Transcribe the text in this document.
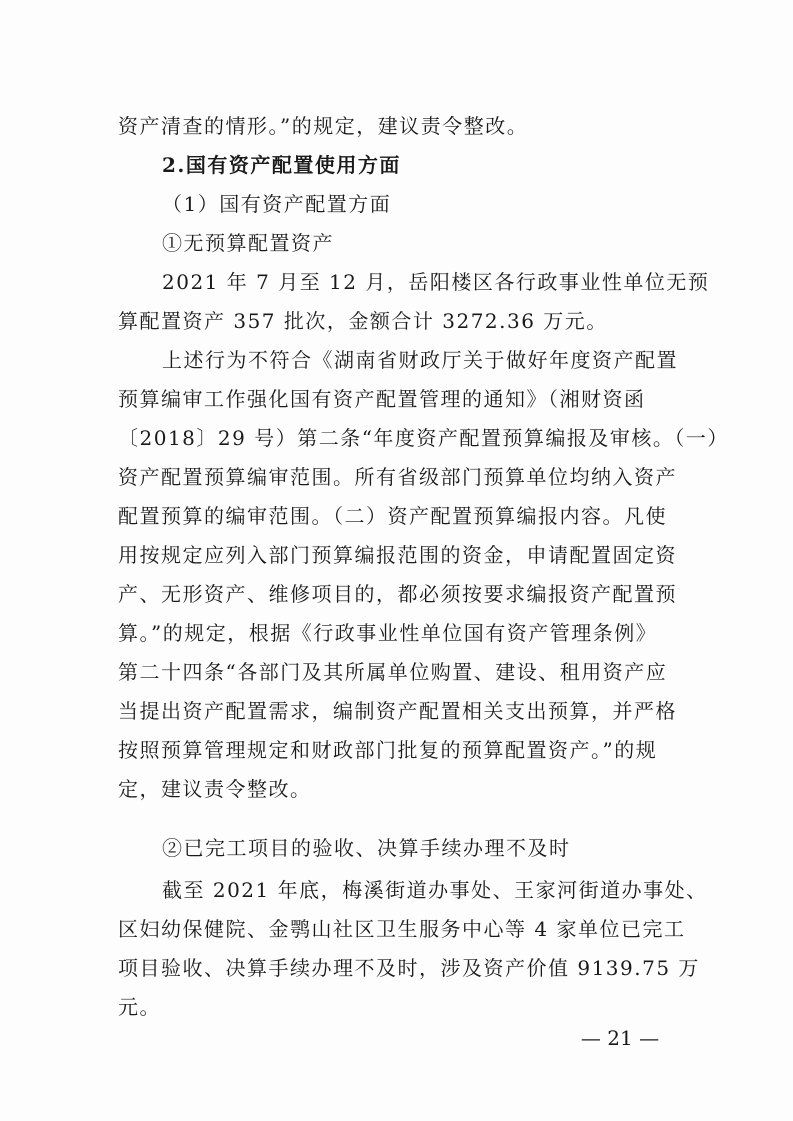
资产清查的情形。”的规定，建议责令整改。
2.国有资产配置使用方面
（1）国有资产配置方面
①无预算配置资产
2021 年 7 月至 12 月，岳阳楼区各行政事业性单位无预
算配置资产 357 批次，金额合计 3272.36 万元。
上述行为不符合《湖南省财政厅关于做好年度资产配置
预算编审工作强化国有资产配置管理的通知》（湘财资函
〔2018〕29 号）第二条“年度资产配置预算编报及审核。（一）
资产配置预算编审范围。所有省级部门预算单位均纳入资产
配置预算的编审范围。（二）资产配置预算编报内容。凡使
用按规定应列入部门预算编报范围的资金，申请配置固定资
产、无形资产、维修项目的，都必须按要求编报资产配置预
算。”的规定，根据《行政事业性单位国有资产管理条例》
第二十四条“各部门及其所属单位购置、建设、租用资产应
当提出资产配置需求，编制资产配置相关支出预算，并严格
按照预算管理规定和财政部门批复的预算配置资产。”的规
定，建议责令整改。
②已完工项目的验收、决算手续办理不及时
截至 2021 年底，梅溪街道办事处、王家河街道办事处、
区妇幼保健院、金鹗山社区卫生服务中心等 4 家单位已完工
项目验收、决算手续办理不及时，涉及资产价值 9139.75 万
元。
— 21 —
